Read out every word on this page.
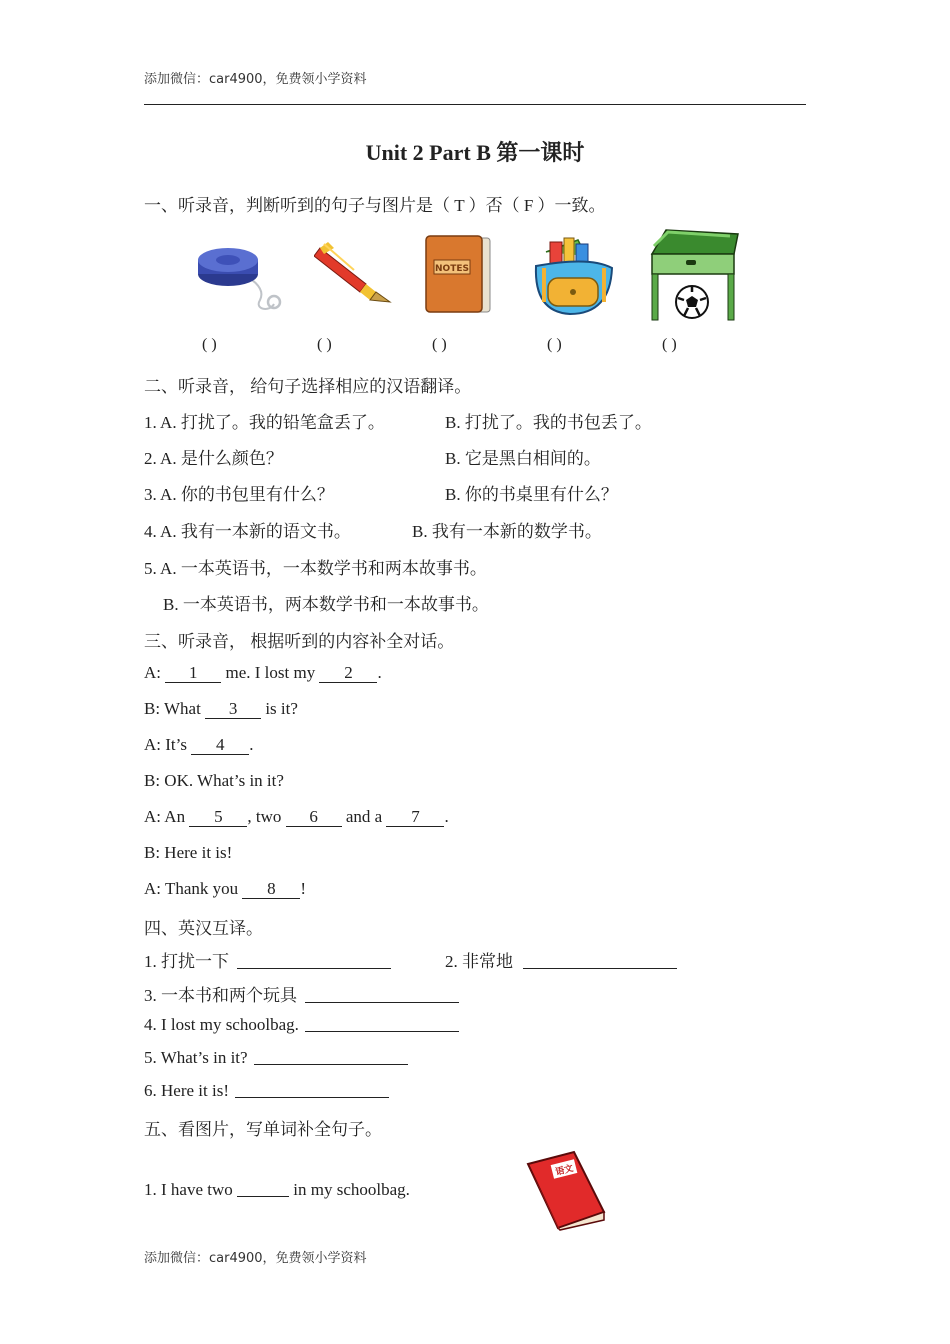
添加微信：car4900，免费领小学资料
Unit 2 Part B 第一课时
一、听录音，判断听到的句子与图片是（ T ）否（ F ）一致。
NOTES
( )	( )	( )	( )	( )
二、听录音， 给句子选择相应的汉语翻译。
1. A. 打扰了。我的铅笔盒丢了。	B. 打扰了。我的书包丢了。
2. A. 是什么颜色？	B. 它是黑白相间的。
3. A. 你的书包里有什么？	B. 你的书桌里有什么？
4. A. 我有一本新的语文书。	B. 我有一本新的数学书。
5. A. 一本英语书，一本数学书和两本故事书。
B. 一本英语书，两本数学书和一本故事书。
三、听录音， 根据听到的内容补全对话。
A: 1 me. I lost my 2 .
B: What 3 is it?
A: It’s 4 .
B: OK. What’s in it?
A: An 5 , two 6 and a 7 .
B: Here it is!
A: Thank you 8 !
四、英汉互译。
1. 打扰一下	2. 非常地
3. 一本书和两个玩具
4. I lost my schoolbag.
5. What’s in it?
6. Here it is!
五、看图片，写单词补全句子。
1. I have two	in my schoolbag.
语文
添加微信：car4900，免费领小学资料
